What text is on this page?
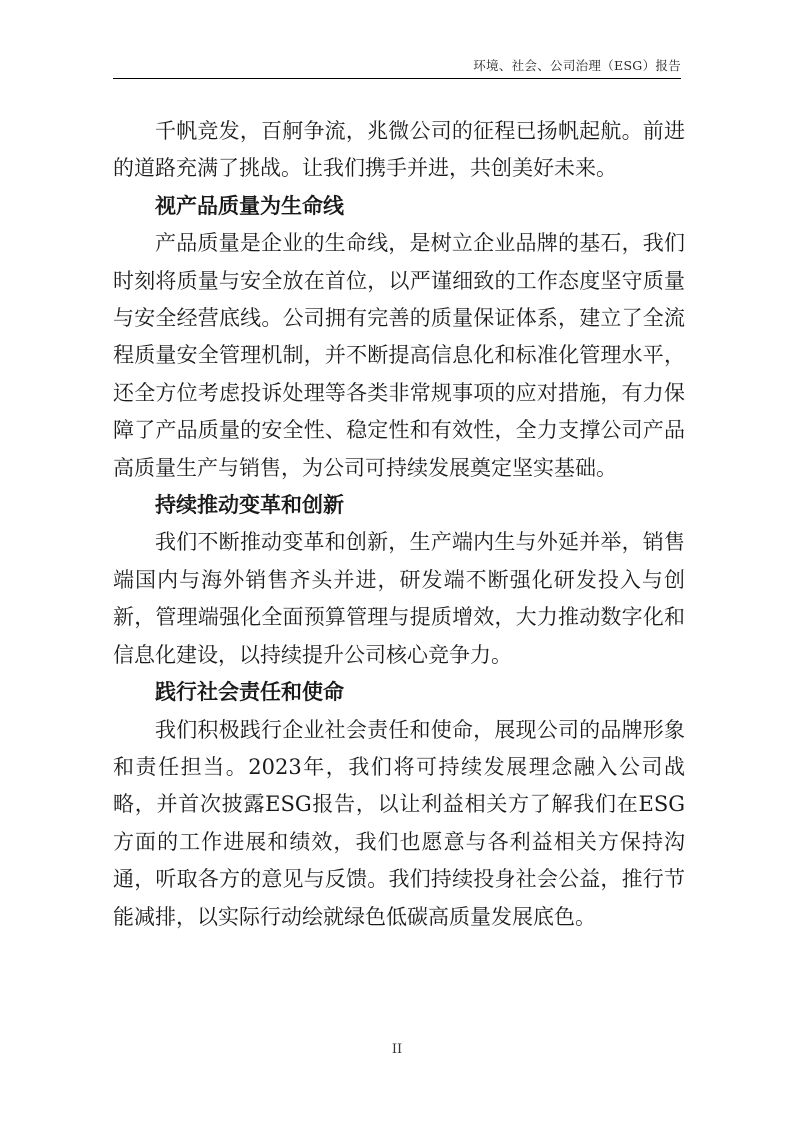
环境、社会、公司治理（ESG）报告

千帆竞发，百舸争流，兆微公司的征程已扬帆起航。前进的道路充满了挑战。让我们携手并进，共创美好未来。

视产品质量为生命线

产品质量是企业的生命线，是树立企业品牌的基石，我们时刻将质量与安全放在首位，以严谨细致的工作态度坚守质量与安全经营底线。公司拥有完善的质量保证体系，建立了全流程质量安全管理机制，并不断提高信息化和标准化管理水平，还全方位考虑投诉处理等各类非常规事项的应对措施，有力保障了产品质量的安全性、稳定性和有效性，全力支撑公司产品高质量生产与销售，为公司可持续发展奠定坚实基础。

持续推动变革和创新

我们不断推动变革和创新，生产端内生与外延并举，销售端国内与海外销售齐头并进，研发端不断强化研发投入与创新，管理端强化全面预算管理与提质增效，大力推动数字化和信息化建设，以持续提升公司核心竞争力。

践行社会责任和使命

我们积极践行企业社会责任和使命，展现公司的品牌形象和责任担当。2023年，我们将可持续发展理念融入公司战略，并首次披露ESG报告，以让利益相关方了解我们在ESG方面的工作进展和绩效，我们也愿意与各利益相关方保持沟通，听取各方的意见与反馈。我们持续投身社会公益，推行节能减排，以实际行动绘就绿色低碳高质量发展底色。

II
